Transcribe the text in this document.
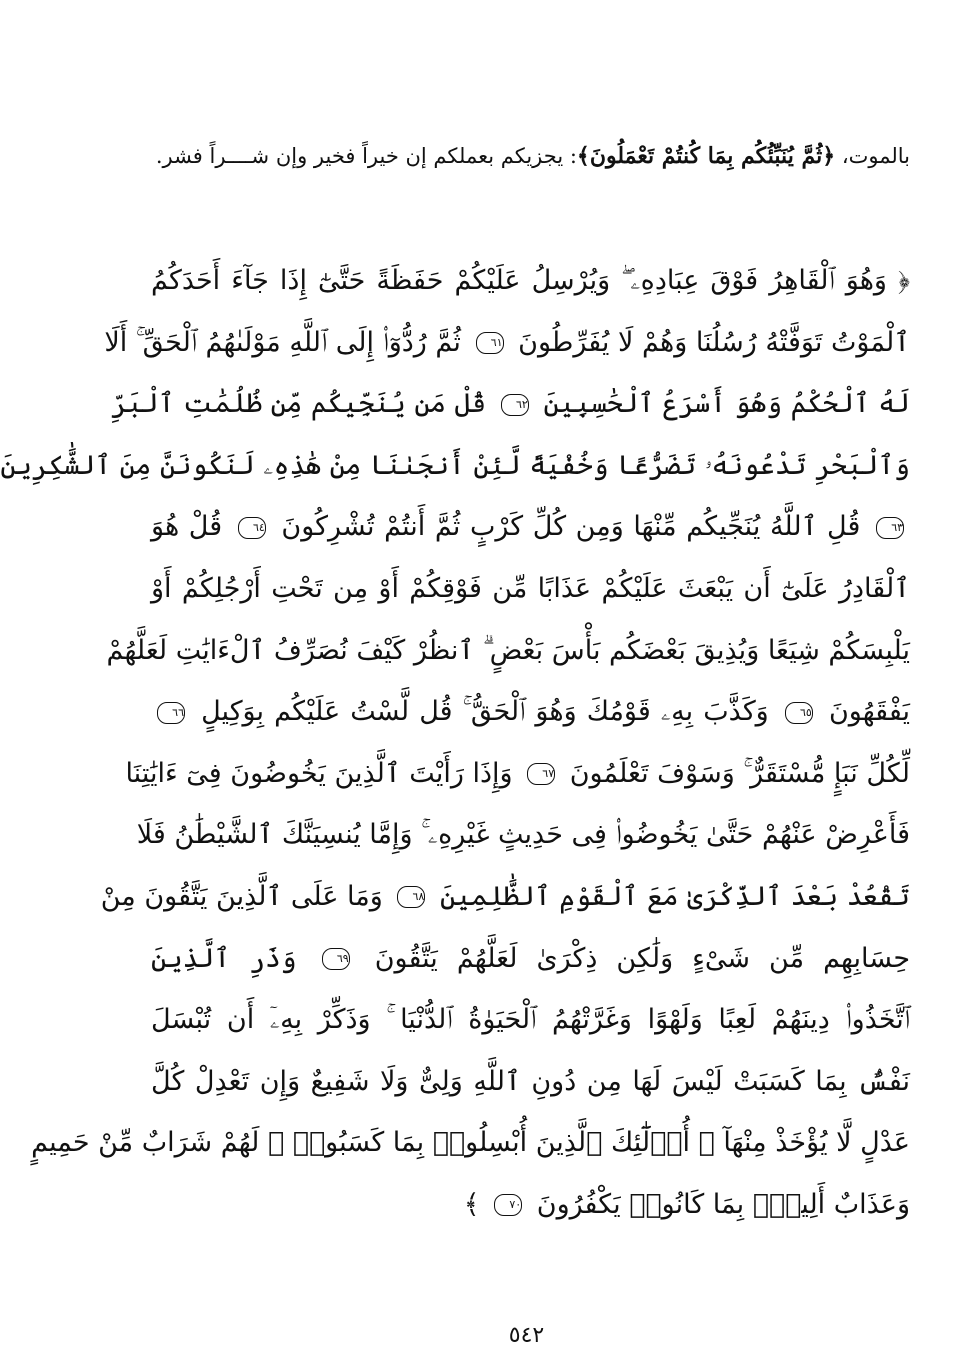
بالموت، ﴿ثُمَّ يُنَبِّئُكُم بِمَا كُنتُمْ تَعْمَلُونَ﴾: يجزيكم بعملكم إن خيراً فخير وإن شــــراً فشر.
﴿ وَهُوَ ٱلْقَاهِرُ فَوْقَ عِبَادِهِۦ ۖ وَيُرْسِلُ عَلَيْكُمْ حَفَظَةً حَتَّىٰٓ إِذَا جَآءَ أَحَدَكُمُ
ٱلْمَوْتُ تَوَفَّتْهُ رُسُلُنَا وَهُمْ لَا يُفَرِّطُونَ ٦١ ثُمَّ رُدُّوٓا۟ إِلَى ٱللَّهِ مَوْلَىٰهُمُ ٱلْحَقِّ ۚ أَلَا
لَهُ ٱلْحُكْمُ وَهُوَ أَسْرَعُ ٱلْحَٰسِبِينَ ٦٢ قُلْ مَن يُنَجِّيكُم مِّن ظُلُمَٰتِ ٱلْبَرِّ
وَٱلْبَحْرِ تَدْعُونَهُۥ تَضَرُّعًا وَخُفْيَةً لَّئِنْ أَنجَىٰنَا مِنْ هَٰذِهِۦ لَنَكُونَنَّ مِنَ ٱلشَّٰكِرِينَ
٦٣ قُلِ ٱللَّهُ يُنَجِّيكُم مِّنْهَا وَمِن كُلِّ كَرْبٍ ثُمَّ أَنتُمْ تُشْرِكُونَ ٦٤ قُلْ هُوَ
ٱلْقَادِرُ عَلَىٰٓ أَن يَبْعَثَ عَلَيْكُمْ عَذَابًا مِّن فَوْقِكُمْ أَوْ مِن تَحْتِ أَرْجُلِكُمْ أَوْ
يَلْبِسَكُمْ شِيَعًا وَيُذِيقَ بَعْضَكُم بَأْسَ بَعْضٍ ۗ ٱنظُرْ كَيْفَ نُصَرِّفُ ٱلْءَايَٰتِ لَعَلَّهُمْ
يَفْقَهُونَ ٦٥ وَكَذَّبَ بِهِۦ قَوْمُكَ وَهُوَ ٱلْحَقُّ ۚ قُل لَّسْتُ عَلَيْكُم بِوَكِيلٍ ٦٦
لِّكُلِّ نَبَإٍ مُّسْتَقَرٌّ ۚ وَسَوْفَ تَعْلَمُونَ ٦٧ وَإِذَا رَأَيْتَ ٱلَّذِينَ يَخُوضُونَ فِىٓ ءَايَٰتِنَا
فَأَعْرِضْ عَنْهُمْ حَتَّىٰ يَخُوضُوا۟ فِى حَدِيثٍ غَيْرِهِۦ ۚ وَإِمَّا يُنسِيَنَّكَ ٱلشَّيْطَٰنُ فَلَا
تَقْعُدْ بَعْدَ ٱلذِّكْرَىٰ مَعَ ٱلْقَوْمِ ٱلظَّٰلِمِينَ ٦٨ وَمَا عَلَى ٱلَّذِينَ يَتَّقُونَ مِنْ
حِسَابِهِم مِّن شَىْءٍ وَلَٰكِن ذِكْرَىٰ لَعَلَّهُمْ يَتَّقُونَ ٦٩ وَذَرِ ٱلَّذِينَ
ٱتَّخَذُوا۟ دِينَهُمْ لَعِبًا وَلَهْوًا وَغَرَّتْهُمُ ٱلْحَيَوٰةُ ٱلدُّنْيَا ۚ وَذَكِّرْ بِهِۦٓ أَن تُبْسَلَ
نَفْسٌۢ بِمَا كَسَبَتْ لَيْسَ لَهَا مِن دُونِ ٱللَّهِ وَلِىٌّ وَلَا شَفِيعٌ وَإِن تَعْدِلْ كُلَّ
عَدْلٍ لَّا يُؤْخَذْ مِنْهَآ ۗ أُو۟لَٰٓئِكَ ٱلَّذِينَ أُبْسِلُوا۟ بِمَا كَسَبُوا۟ ۖ لَهُمْ شَرَابٌ مِّنْ حَمِيمٍ
وَعَذَابٌ أَلِيمٌۢ بِمَا كَانُوا۟ يَكْفُرُونَ ٧٠ ﴾
٥٤٢
